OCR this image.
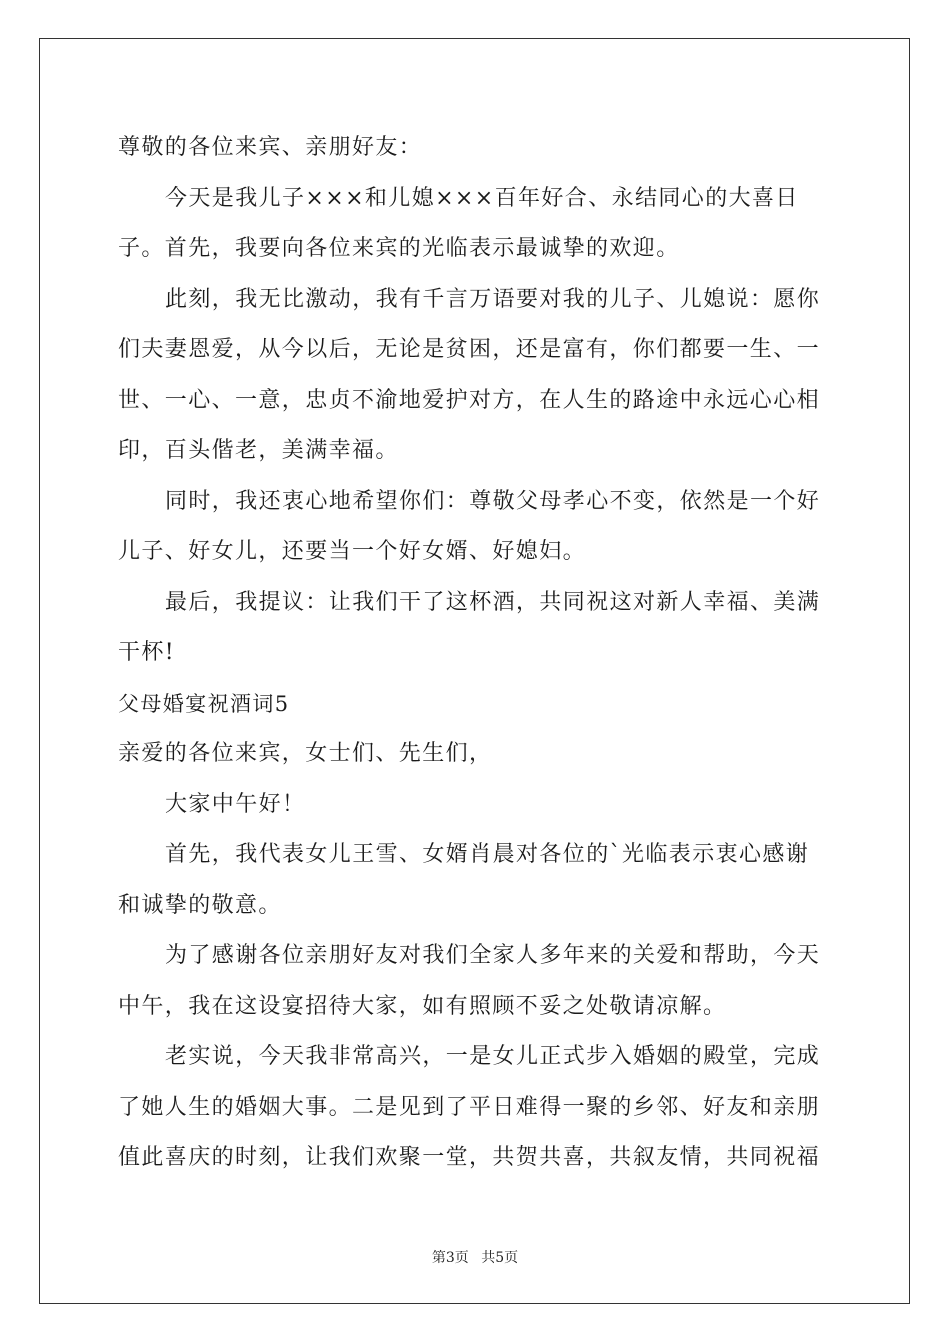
尊敬的各位来宾、亲朋好友：

今天是我儿子×××和儿媳×××百年好合、永结同心的大喜日

子。首先，我要向各位来宾的光临表示最诚挚的欢迎。

此刻，我无比激动，我有千言万语要对我的儿子、儿媳说：愿你

们夫妻恩爱，从今以后，无论是贫困，还是富有，你们都要一生、一

世、一心、一意，忠贞不渝地爱护对方，在人生的路途中永远心心相

印，百头偕老，美满幸福。

同时，我还衷心地希望你们：尊敬父母孝心不变，依然是一个好

儿子、好女儿，还要当一个好女婿、好媳妇。

最后，我提议：让我们干了这杯酒，共同祝这对新人幸福、美满

干杯!

父母婚宴祝酒词5

亲爱的各位来宾，女士们、先生们，

大家中午好！

首先，我代表女儿王雪、女婿肖晨对各位的`光临表示衷心感谢

和诚挚的敬意。

为了感谢各位亲朋好友对我们全家人多年来的关爱和帮助，今天

中午，我在这设宴招待大家，如有照顾不妥之处敬请凉解。

老实说，今天我非常高兴，一是女儿正式步入婚姻的殿堂，完成

了她人生的婚姻大事。二是见到了平日难得一聚的乡邻、好友和亲朋

值此喜庆的时刻，让我们欢聚一堂，共贺共喜，共叙友情，共同祝福

第3页 共5页
